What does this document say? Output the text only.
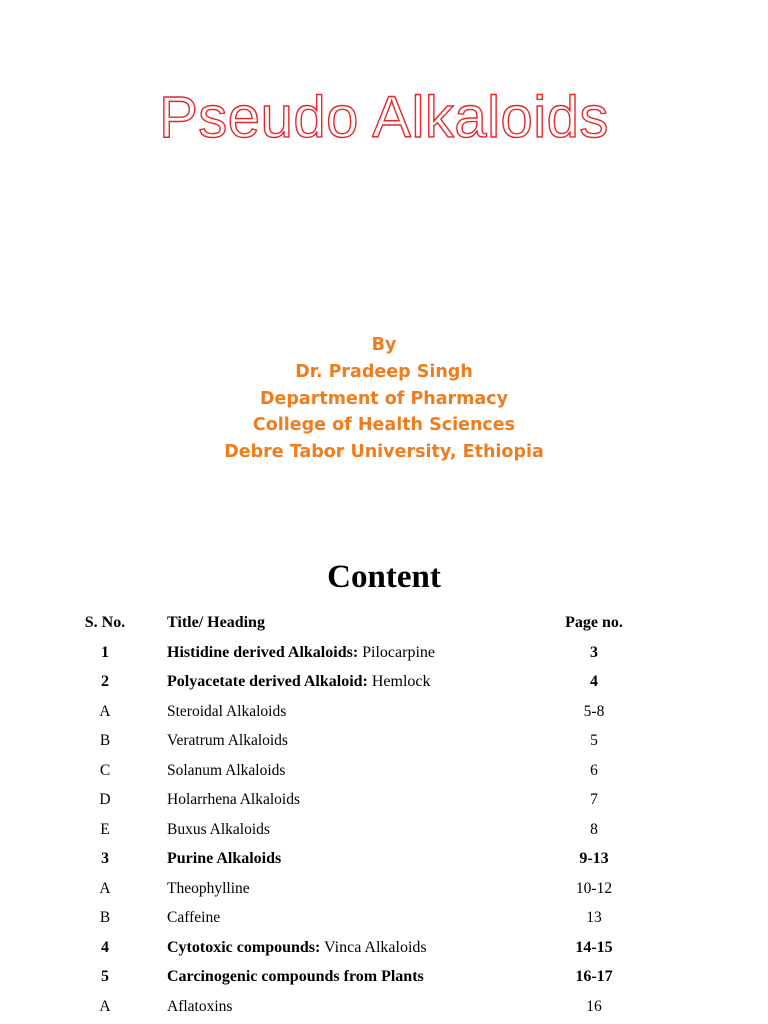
Pseudo Alkaloids
By
Dr. Pradeep Singh
Department of Pharmacy
College of Health Sciences
Debre Tabor University, Ethiopia
Content
S. No.	Title/ Heading	Page no.
1	Histidine derived Alkaloids: Pilocarpine	3
2	Polyacetate derived Alkaloid: Hemlock	4
A	Steroidal Alkaloids	5-8
B	Veratrum Alkaloids	5
C	Solanum Alkaloids	6
D	Holarrhena Alkaloids	7
E	Buxus Alkaloids	8
3	Purine Alkaloids	9-13
A	Theophylline	10-12
B	Caffeine	13
4	Cytotoxic compounds: Vinca Alkaloids	14-15
5	Carcinogenic compounds from Plants	16-17
A	Aflatoxins	16
